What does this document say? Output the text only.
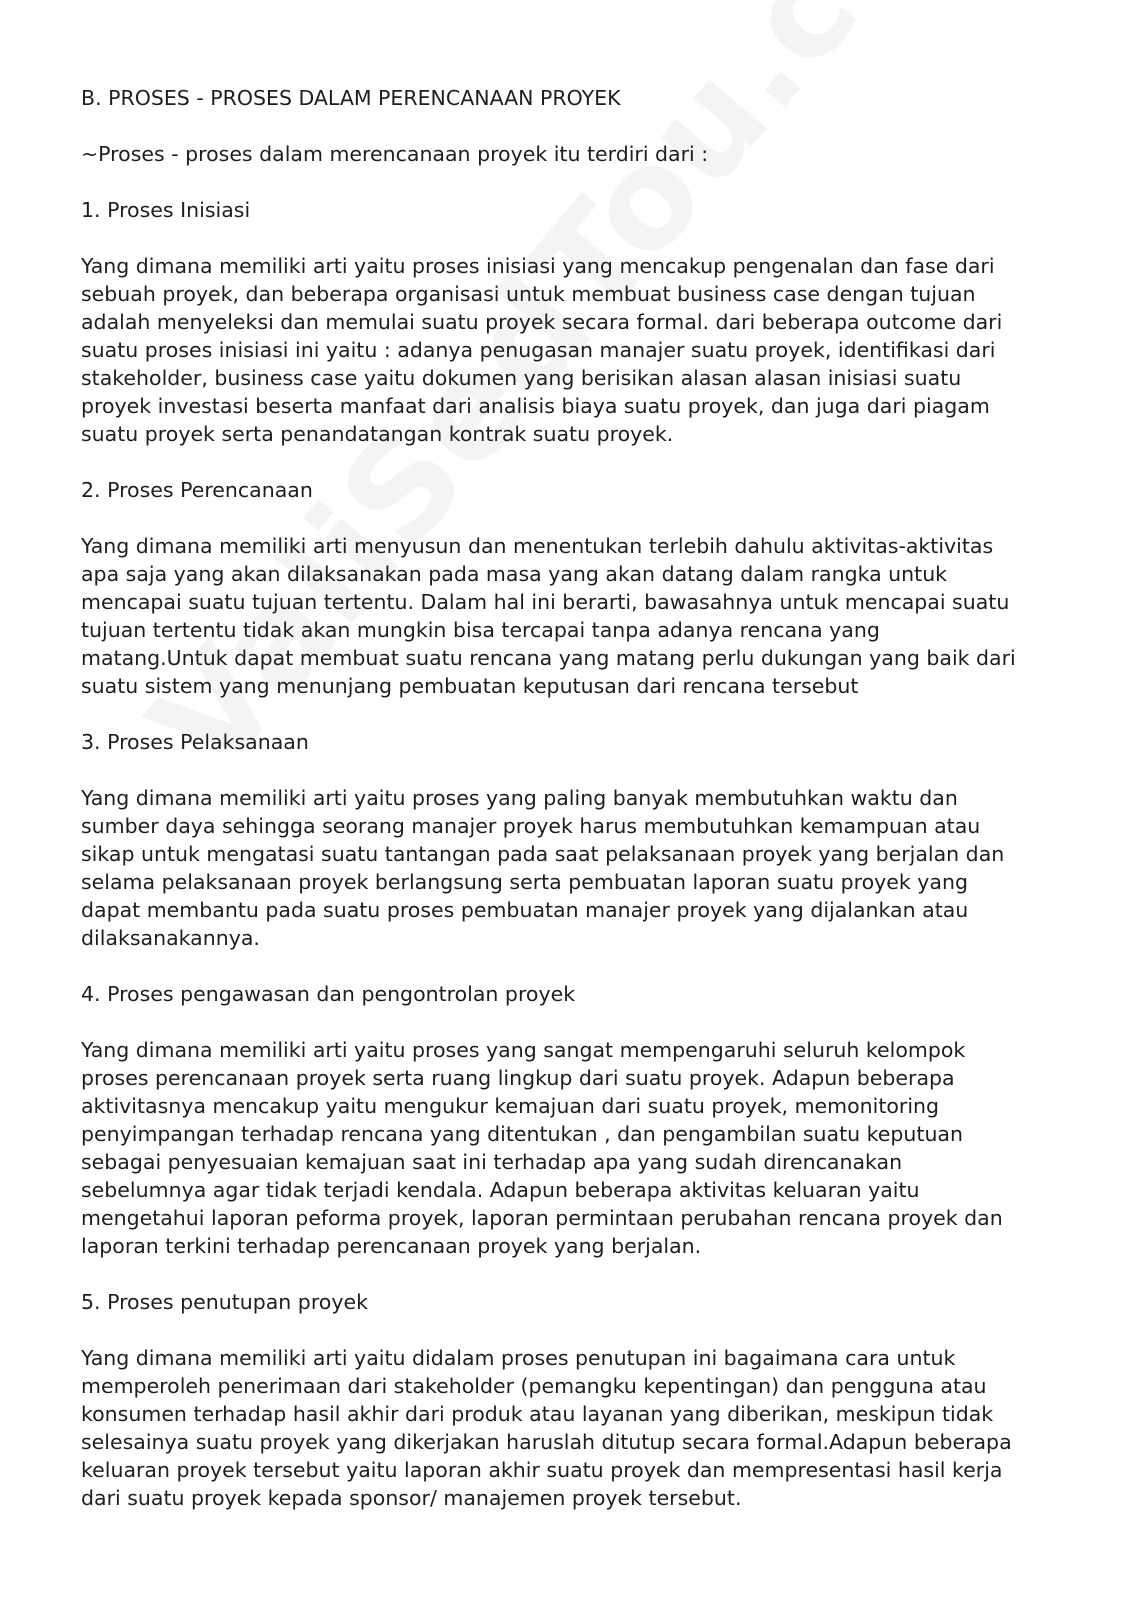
B. PROSES - PROSES DALAM PERENCANAAN PROYEK

~Proses - proses dalam merencanaan proyek itu terdiri dari :

1. Proses Inisiasi

Yang dimana memiliki arti yaitu proses inisiasi yang mencakup pengenalan dan fase dari

sebuah proyek, dan beberapa organisasi untuk membuat business case dengan tujuan

adalah menyeleksi dan memulai suatu proyek secara formal. dari beberapa outcome dari

suatu proses inisiasi ini yaitu : adanya penugasan manajer suatu proyek, identifikasi dari

stakeholder, business case yaitu dokumen yang berisikan alasan alasan inisiasi suatu

proyek investasi beserta manfaat dari analisis biaya suatu proyek, dan juga dari piagam

suatu proyek serta penandatangan kontrak suatu proyek.

2. Proses Perencanaan

Yang dimana memiliki arti menyusun dan menentukan terlebih dahulu aktivitas-aktivitas

apa saja yang akan dilaksanakan pada masa yang akan datang dalam rangka untuk

mencapai suatu tujuan tertentu. Dalam hal ini berarti, bawasahnya untuk mencapai suatu

tujuan tertentu tidak akan mungkin bisa tercapai tanpa adanya rencana yang

matang.Untuk dapat membuat suatu rencana yang matang perlu dukungan yang baik dari

suatu sistem yang menunjang pembuatan keputusan dari rencana tersebut

3. Proses Pelaksanaan

Yang dimana memiliki arti yaitu proses yang paling banyak membutuhkan waktu dan

sumber daya sehingga seorang manajer proyek harus membutuhkan kemampuan atau

sikap untuk mengatasi suatu tantangan pada saat pelaksanaan proyek yang berjalan dan

selama pelaksanaan proyek berlangsung serta pembuatan laporan suatu proyek yang

dapat membantu pada suatu proses pembuatan manajer proyek yang dijalankan atau

dilaksanakannya.

4. Proses pengawasan dan pengontrolan proyek

Yang dimana memiliki arti yaitu proses yang sangat mempengaruhi seluruh kelompok

proses perencanaan proyek serta ruang lingkup dari suatu proyek. Adapun beberapa

aktivitasnya mencakup yaitu mengukur kemajuan dari suatu proyek, memonitoring

penyimpangan terhadap rencana yang ditentukan , dan pengambilan suatu keputuan

sebagai penyesuaian kemajuan saat ini terhadap apa yang sudah direncanakan

sebelumnya agar tidak terjadi kendala. Adapun beberapa aktivitas keluaran yaitu

mengetahui laporan peforma proyek, laporan permintaan perubahan rencana proyek dan

laporan terkini terhadap perencanaan proyek yang berjalan.

5. Proses penutupan proyek

Yang dimana memiliki arti yaitu didalam proses penutupan ini bagaimana cara untuk

memperoleh penerimaan dari stakeholder (pemangku kepentingan) dan pengguna atau

konsumen terhadap hasil akhir dari produk atau layanan yang diberikan, meskipun tidak

selesainya suatu proyek yang dikerjakan haruslah ditutup secara formal.Adapun beberapa

keluaran proyek tersebut yaitu laporan akhir suatu proyek dan mempresentasi hasil kerja

dari suatu proyek kepada sponsor/ manajemen proyek tersebut.
